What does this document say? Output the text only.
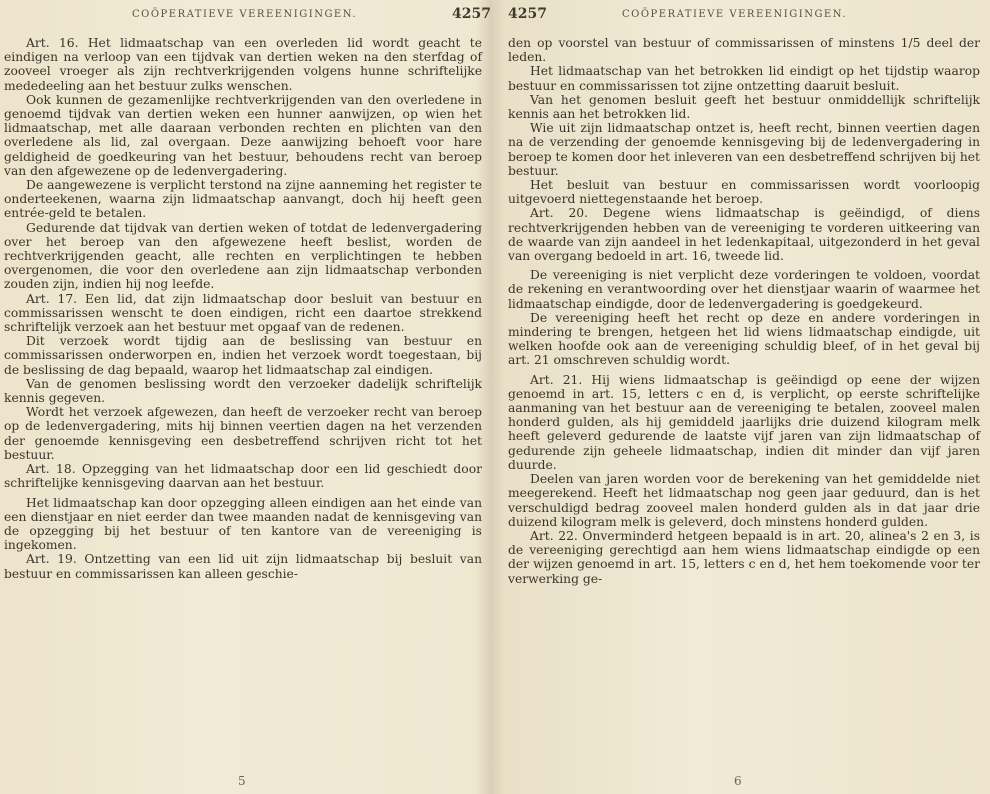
COÖPERATIEVE VEREENIGINGEN.	4257

Art. 16. Het lidmaatschap van een overleden lid wordt geacht te eindigen na verloop van een tijdvak van dertien weken na den sterfdag of zooveel vroeger als zijn rechtverkrijgenden volgens hunne schriftelijke mededeeling aan het bestuur zulks wenschen.

Ook kunnen de gezamenlijke rechtverkrijgenden van den overledene in genoemd tijdvak van dertien weken een hunner aanwijzen, op wien het lidmaatschap, met alle daaraan verbonden rechten en plichten van den overledene als lid, zal overgaan. Deze aanwijzing behoeft voor hare geldigheid de goedkeuring van het bestuur, behoudens recht van beroep van den afgewezene op de ledenvergadering.

De aangewezene is verplicht terstond na zijne aanneming het register te onderteekenen, waarna zijn lidmaatschap aanvangt, doch hij heeft geen entrée-geld te betalen.

Gedurende dat tijdvak van dertien weken of totdat de ledenvergadering over het beroep van den afgewezene heeft beslist, worden de rechtverkrijgenden geacht, alle rechten en verplichtingen te hebben overgenomen, die voor den overledene aan zijn lidmaatschap verbonden zouden zijn, indien hij nog leefde.

Art. 17. Een lid, dat zijn lidmaatschap door besluit van bestuur en commissarissen wenscht te doen eindigen, richt een daartoe strekkend schriftelijk verzoek aan het bestuur met opgaaf van de redenen.

Dit verzoek wordt tijdig aan de beslissing van bestuur en commissarissen onderworpen en, indien het verzoek wordt toegestaan, bij de beslissing de dag bepaald, waarop het lidmaatschap zal eindigen.

Van de genomen beslissing wordt den verzoeker dadelijk schriftelijk kennis gegeven.

Wordt het verzoek afgewezen, dan heeft de verzoeker recht van beroep op de ledenvergadering, mits hij binnen veertien dagen na het verzenden der genoemde kennisgeving een desbetreffend schrijven richt tot het bestuur.

Art. 18. Opzegging van het lidmaatschap door een lid geschiedt door schriftelijke kennisgeving daarvan aan het bestuur.

Het lidmaatschap kan door opzegging alleen eindigen aan het einde van een dienstjaar en niet eerder dan twee maanden nadat de kennisgeving van de opzegging bij het bestuur of ten kantore van de vereeniging is ingekomen.

Art. 19. Ontzetting van een lid uit zijn lidmaatschap bij besluit van bestuur en commissarissen kan alleen geschie-

5
4257	COÖPERATIEVE VEREENIGINGEN.

den op voorstel van bestuur of commissarissen of minstens 1/5 deel der leden.

Het lidmaatschap van het betrokken lid eindigt op het tijdstip waarop bestuur en commissarissen tot zijne ontzetting daaruit besluit.

Van het genomen besluit geeft het bestuur onmiddellijk schriftelijk kennis aan het betrokken lid.

Wie uit zijn lidmaatschap ontzet is, heeft recht, binnen veertien dagen na de verzending der genoemde kennisgeving bij de ledenvergadering in beroep te komen door het inleveren van een desbetreffend schrijven bij het bestuur.

Het besluit van bestuur en commissarissen wordt voorloopig uitgevoerd niettegenstaande het beroep.

Art. 20. Degene wiens lidmaatschap is geëindigd, of diens rechtverkrijgenden hebben van de vereeniging te vorderen uitkeering van de waarde van zijn aandeel in het ledenkapitaal, uitgezonderd in het geval van overgang bedoeld in art. 16, tweede lid.

De vereeniging is niet verplicht deze vorderingen te voldoen, voordat de rekening en verantwoording over het dienstjaar waarin of waarmee het lidmaatschap eindigde, door de ledenvergadering is goedgekeurd.

De vereeniging heeft het recht op deze en andere vorderingen in mindering te brengen, hetgeen het lid wiens lidmaatschap eindigde, uit welken hoofde ook aan de vereeniging schuldig bleef, of in het geval bij art. 21 omschreven schuldig wordt.

Art. 21. Hij wiens lidmaatschap is geëindigd op eene der wijzen genoemd in art. 15, letters c en d, is verplicht, op eerste schriftelijke aanmaning van het bestuur aan de vereeniging te betalen, zooveel malen honderd gulden, als hij gemiddeld jaarlijks drie duizend kilogram melk heeft geleverd gedurende de laatste vijf jaren van zijn lidmaatschap of gedurende zijn geheele lidmaatschap, indien dit minder dan vijf jaren duurde.

Deelen van jaren worden voor de berekening van het gemiddelde niet meegerekend. Heeft het lidmaatschap nog geen jaar geduurd, dan is het verschuldigd bedrag zooveel malen honderd gulden als in dat jaar drie duizend kilogram melk is geleverd, doch minstens honderd gulden.

Art. 22. Onverminderd hetgeen bepaald is in art. 20, alinea's 2 en 3, is de vereeniging gerechtigd aan hem wiens lidmaatschap eindigde op een der wijzen genoemd in art. 15, letters c en d, het hem toekomende voor ter verwerking ge-

6
